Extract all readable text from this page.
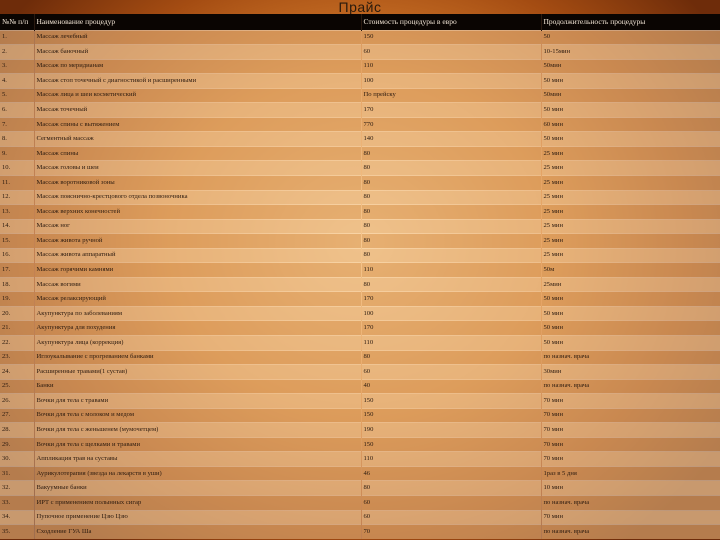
Прайс
№№ п/п	Наименование процедур	Стоимость процедуры в евро	Продолжительность процедуры
1.	Массаж лечебный	150	50
2.	Массаж баночный	60	10-15мин
3.	Массаж по меридианам	110	50мин
4.	Массаж стоп точечный с диагностикой и расширенными	100	50 мин
5.	Массаж лица и шеи косметический	По прейску	50мин
6.	Массаж точечный	170	50 мин
7.	Массаж спины с вытяжением	770	60 мин
8.	Сегментный массаж	140	50 мин
9.	Массаж спины	80	25 мин
10.	Массаж головы и шеи	80	25 мин
11.	Массаж воротниковой зоны	80	25 мин
12.	Массаж пояснично-крестцового отдела позвоночника	80	25 мин
13.	Массаж верхних конечностей	80	25 мин
14.	Массаж ног	80	25 мин
15.	Массаж живота ручной	80	25 мин
16.	Массаж живота аппаратный	80	25 мин
17.	Массаж горячими камнями	110	50м
18.	Массаж вогими	80	25мин
19.	Массаж релаксирующий	170	50 мин
20.	Акупунктура по заболеваниям	100	50 мин
21.	Акупунктура для похудения	170	50 мин
22.	Акупунктура лица (коррекция)	110	50 мин
23.	Иглоукалывание с прогреванием банками	80	по назнач. врача
24.	Расширенные травами(1 сустав)	60	30мин
25.	Банки	40	по назнач. врача
26.	Вочки для тела с травами	150	70 мин
27.	Вочки для тела с молоком и медом	150	70 мин
28.	Вочки для тела с женьшенем (мумочетцем)	190	70 мин
29.	Вочки для тела с щелками и травами	150	70 мин
30.	Аппликация трав на суставы	110	70 мин
31.	Аурикулотерапия (звезда на лекарств в уши)	46	1раз в 5 дня
32.	Вакуумные банки	80	10 мин
33.	ИРТ с применением полынных сигар	60	по назнач. врача
34.	Пупочное применение Цзю Цзю	60	70 мин
35.	Сходление ГУА Ша	70	по назнач. врача
